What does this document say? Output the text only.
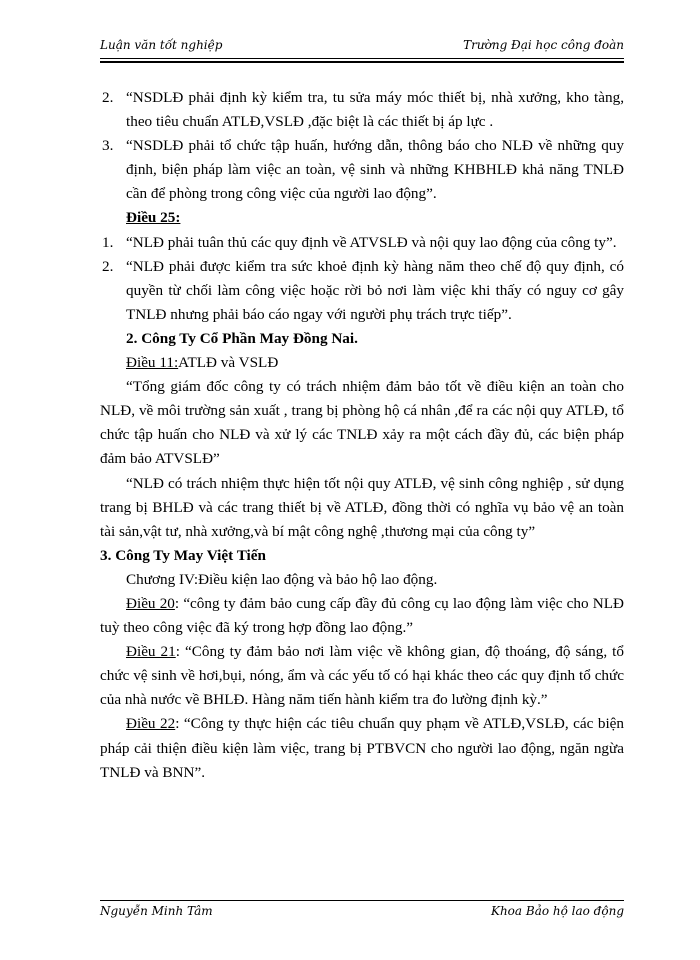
Luận văn tốt nghiệp	Trường Đại học công đoàn
2. “NSDLĐ phải định kỳ kiểm tra, tu sửa máy móc thiết bị, nhà xưởng, kho tàng, theo tiêu chuẩn ATLĐ,VSLĐ ,đặc biệt là các thiết bị áp lực .
3. “NSDLĐ phải tổ chức tập huấn, hướng dẫn, thông báo cho NLĐ về những quy định, biện pháp làm việc an toàn, vệ sinh và những KHBHLĐ khả năng TNLĐ cần để phòng trong công việc của người lao động”.
Điều 25:
1. “NLĐ phải tuân thủ các quy định về ATVSLĐ và nội quy lao động của công ty”.
2. “NLĐ phải được kiểm tra sức khoẻ định kỳ hàng năm theo chế độ quy định, có quyền từ chối làm công việc hoặc rời bỏ nơi làm việc khi thấy có nguy cơ gây TNLĐ nhưng phải báo cáo ngay với người phụ trách trực tiếp”.
2. Công Ty Cổ Phần May Đồng Nai.
Điều 11:ATLĐ và VSLĐ
“Tổng giám đốc công ty có trách nhiệm đảm bảo tốt về điều kiện an toàn cho NLĐ, về môi trường sản xuất , trang bị phòng hộ cá nhân ,để ra các nội quy ATLĐ, tổ chức tập huấn cho NLĐ và xử lý các TNLĐ xảy ra một cách đầy đủ, các biện pháp đảm bảo ATVSLĐ”
“NLĐ có trách nhiệm thực hiện tốt nội quy ATLĐ, vệ sinh công nghiệp , sử dụng trang bị BHLĐ và các trang thiết bị về ATLĐ, đồng thời có nghĩa vụ bảo vệ an toàn tài sản,vật tư, nhà xưởng,và bí mật công nghệ ,thương mại của công ty”
3. Công Ty May Việt Tiến
Chương IV:Điều kiện lao động và bảo hộ lao động.
Điều 20: “công ty đảm bảo cung cấp đầy đủ công cụ lao động làm việc cho NLĐ tuỳ theo công việc đã ký trong hợp đồng lao động.”
Điều 21: “Công ty đảm bảo nơi làm việc về không gian, độ thoáng, độ sáng, tổ chức vệ sinh về hơi,bụi, nóng, ẩm và các yếu tố có hại khác theo các quy định tổ chức của nhà nước về BHLĐ. Hàng năm tiến hành kiểm tra đo lường định kỳ.”
Điều 22: “Công ty thực hiện các tiêu chuẩn quy phạm về ATLĐ,VSLĐ, các biện pháp cải thiện điều kiện làm việc, trang bị PTBVCN cho người lao động, ngăn ngừa TNLĐ và BNN”.
Nguyễn Minh Tâm	Khoa Bảo hộ lao động
